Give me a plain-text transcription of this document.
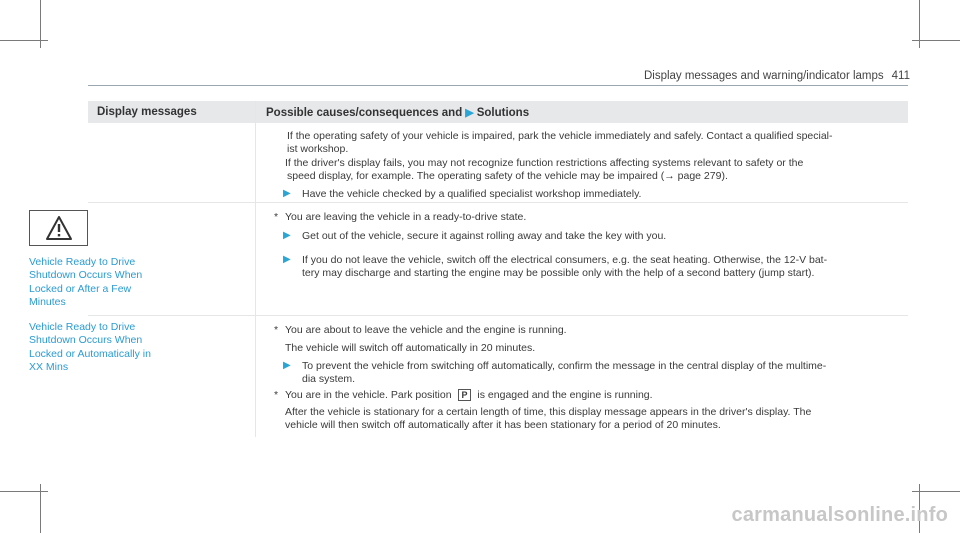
Display messages and warning/indicator lamps 411
Display messages	Possible causes/consequences and ▶ Solutions
If the operating safety of your vehicle is impaired, park the vehicle immediately and safely. Contact a qualified special-
ist workshop.
If the driver's display fails, you may not recognize function restrictions affecting systems relevant to safety or the
speed display, for example. The operating safety of the vehicle may be impaired (→ page 279).
▶ Have the vehicle checked by a qualified specialist workshop immediately.
Vehicle Ready to Drive
Shutdown Occurs When
Locked or After a Few
Minutes
* You are leaving the vehicle in a ready-to-drive state.
▶ Get out of the vehicle, secure it against rolling away and take the key with you.
▶ If you do not leave the vehicle, switch off the electrical consumers, e.g. the seat heating. Otherwise, the 12-V bat-
tery may discharge and starting the engine may be possible only with the help of a second battery (jump start).
Vehicle Ready to Drive
Shutdown Occurs When
Locked or Automatically in
XX Mins
* You are about to leave the vehicle and the engine is running.
The vehicle will switch off automatically in 20 minutes.
▶ To prevent the vehicle from switching off automatically, confirm the message in the central display of the multime-
dia system.
* You are in the vehicle. Park position P is engaged and the engine is running.
After the vehicle is stationary for a certain length of time, this display message appears in the driver's display. The
vehicle will then switch off automatically after it has been stationary for a period of 20 minutes.
carmanualsonline.info
